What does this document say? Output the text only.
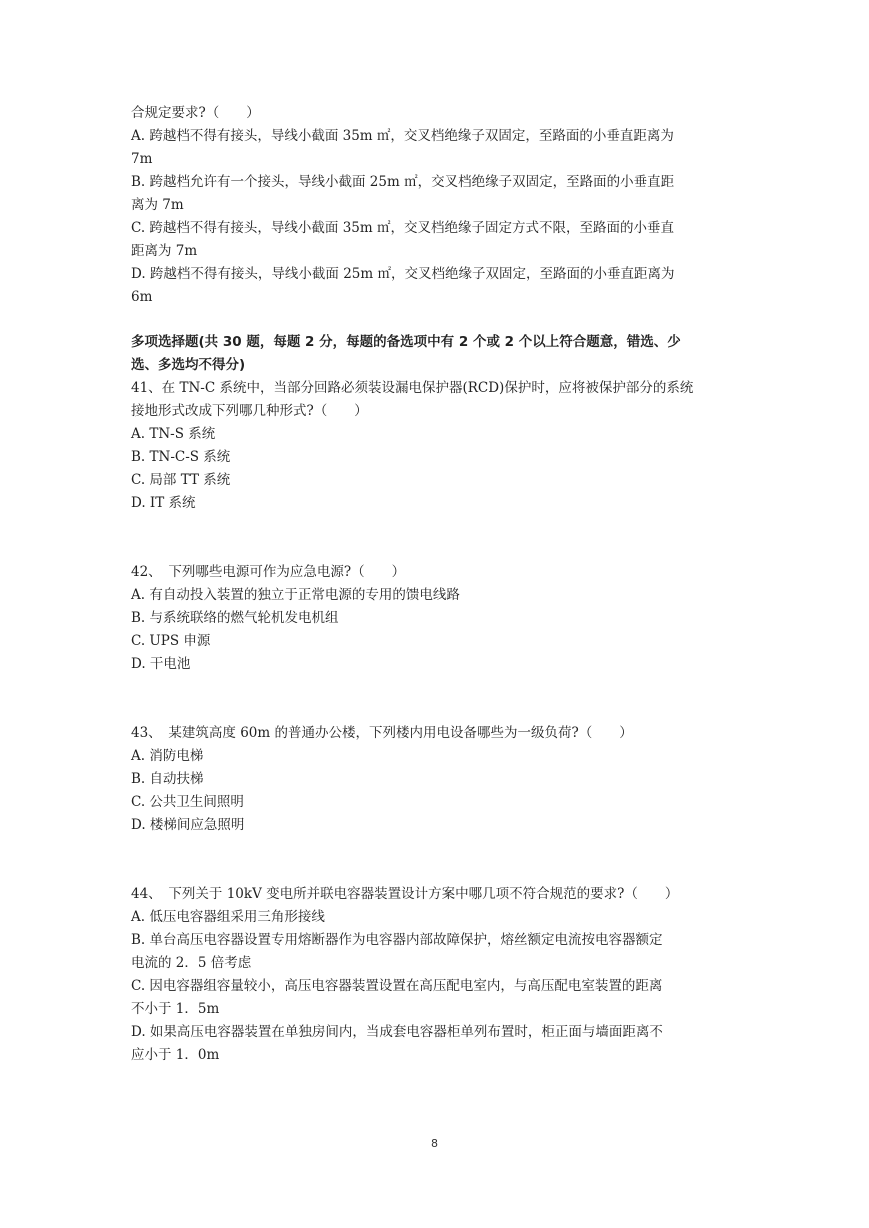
合规定要求?（　　）
A. 跨越档不得有接头，导线小截面 35m ㎡，交叉档绝缘子双固定，至路面的小垂直距离为
7m
B. 跨越档允许有一个接头，导线小截面 25m ㎡，交叉档绝缘子双固定，至路面的小垂直距
离为 7m
C. 跨越档不得有接头，导线小截面 35m ㎡，交叉档绝缘子固定方式不限，至路面的小垂直
距离为 7m
D. 跨越档不得有接头，导线小截面 25m ㎡，交叉档绝缘子双固定，至路面的小垂直距离为
6m
多项选择题(共 30 题，每题 2 分，每题的备选项中有 2 个或 2 个以上符合题意，错选、少
选、多选均不得分)
41、在 TN-C 系统中，当部分回路必须装设漏电保护器(RCD)保护时，应将被保护部分的系统
接地形式改成下列哪几种形式?（　　）
A. TN-S 系统
B. TN-C-S 系统
C. 局部 TT 系统
D. IT 系统
42、　下列哪些电源可作为应急电源?（　　）
A. 有自动投入装置的独立于正常电源的专用的馈电线路
B. 与系统联络的燃气轮机发电机组
C. UPS 申源
D. 干电池
43、　某建筑高度 60m 的普通办公楼，下列楼内用电设备哪些为一级负荷?（　　）
A. 消防电梯
B. 自动扶梯
C. 公共卫生间照明
D. 楼梯间应急照明
44、　下列关于 10kV 变电所并联电容器装置设计方案中哪几项不符合规范的要求?（　　）
A. 低压电容器组采用三角形接线
B. 单台高压电容器设置专用熔断器作为电容器内部故障保护，熔丝额定电流按电容器额定
电流的 2．5 倍考虑
C. 因电容器组容量较小，高压电容器装置设置在高压配电室内，与高压配电室装置的距离
不小于 1．5m
D. 如果高压电容器装置在单独房间内，当成套电容器柜单列布置时，柜正面与墙面距离不
应小于 1．0m
8
